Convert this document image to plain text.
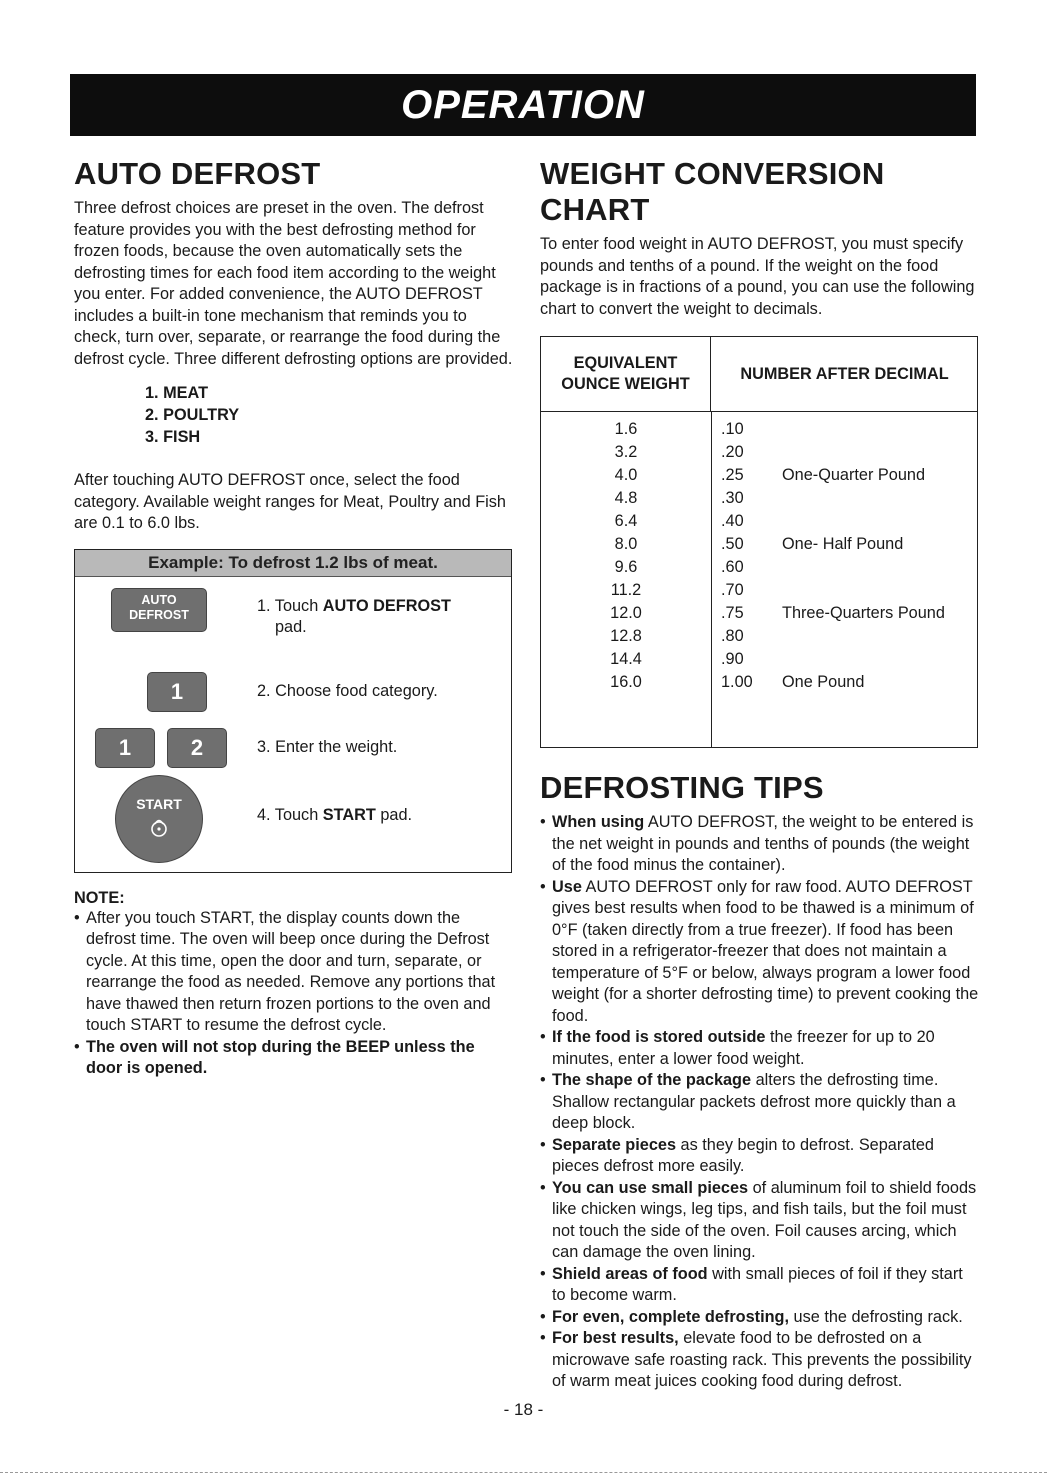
OPERATION
AUTO DEFROST

Three defrost choices are preset in the oven. The defrost feature provides you with the best defrosting method for frozen foods, because the oven automatically sets the defrosting times for each food item according to the weight you enter. For added convenience, the AUTO DEFROST includes a built-in tone mechanism that reminds you to check, turn over, separate, or rearrange the food during the defrost cycle. Three different defrosting options are provided.

1. MEAT
2. POULTRY
3. FISH

After touching AUTO DEFROST once, select the food category. Available weight ranges for Meat, Poultry and Fish are 0.1 to 6.0 lbs.

Example: To defrost 1.2 lbs of meat.
AUTO
DEFROST	1. Touch AUTO DEFROST
pad.
1	2. Choose food category.
1	2	3. Enter the weight.
START
4. Touch START pad.
NOTE:
• After you touch START, the display counts down the defrost time. The oven will beep once during the Defrost cycle. At this time, open the door and turn, separate, or rearrange the food as needed. Remove any portions that have thawed then return frozen portions to the oven and touch START to resume the defrost cycle.
• The oven will not stop during the BEEP unless the door is opened.
WEIGHT CONVERSION CHART

To enter food weight in AUTO DEFROST, you must specify pounds and tenths of a pound. If the weight on the food package is in fractions of a pound, you can use the following chart to convert the weight to decimals.

EQUIVALENT
OUNCE WEIGHT
NUMBER AFTER DECIMAL
1.6	.10
3.2	.20
4.0	.25 One-Quarter Pound
4.8	.30
6.4	.40
8.0	.50 One- Half Pound
9.6	.60
11.2	.70
12.0	.75 Three-Quarters Pound
12.8	.80
14.4	.90
16.0	1.00 One Pound
DEFROSTING TIPS
• When using AUTO DEFROST, the weight to be entered is the net weight in pounds and tenths of pounds (the weight of the food minus the container).
• Use AUTO DEFROST only for raw food. AUTO DEFROST gives best results when food to be thawed is a minimum of 0°F (taken directly from a true freezer). If food has been stored in a refrigerator-freezer that does not maintain a temperature of 5°F or below, always program a lower food weight (for a shorter defrosting time) to prevent cooking the food.
• If the food is stored outside the freezer for up to 20 minutes, enter a lower food weight.
• The shape of the package alters the defrosting time. Shallow rectangular packets defrost more quickly than a deep block.
• Separate pieces as they begin to defrost. Separated pieces defrost more easily.
• You can use small pieces of aluminum foil to shield foods like chicken wings, leg tips, and fish tails, but the foil must not touch the side of the oven. Foil causes arcing, which can damage the oven lining.
• Shield areas of food with small pieces of foil if they start to become warm.
• For even, complete defrosting, use the defrosting rack.
• For best results, elevate food to be defrosted on a microwave safe roasting rack. This prevents the possibility of warm meat juices cooking food during defrost.
- 18 -
